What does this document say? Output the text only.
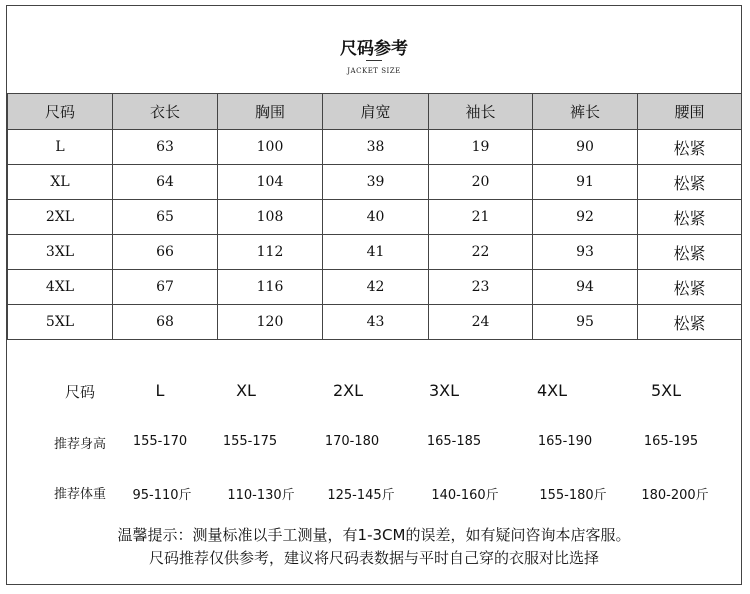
尺码参考
JACKET SIZE
尺码	衣长	胸围	肩宽	袖长	裤长	腰围
L	63	100	38	19	90	松紧
XL	64	104	39	20	91	松紧
2XL	65	108	40	21	92	松紧
3XL	66	112	41	22	93	松紧
4XL	67	116	42	23	94	松紧
5XL	68	120	43	24	95	松紧
尺码	L	XL	2XL	3XL	4XL	5XL
推荐身高 155-170	155-175	170-180	165-185	165-190	165-195
推荐体重 95-110斤	110-130斤	125-145斤	140-160斤	155-180斤	180-200斤
温馨提示：测量标准以手工测量，有1-3CM的误差，如有疑问咨询本店客服。
尺码推荐仅供参考，建议将尺码表数据与平时自己穿的衣服对比选择
